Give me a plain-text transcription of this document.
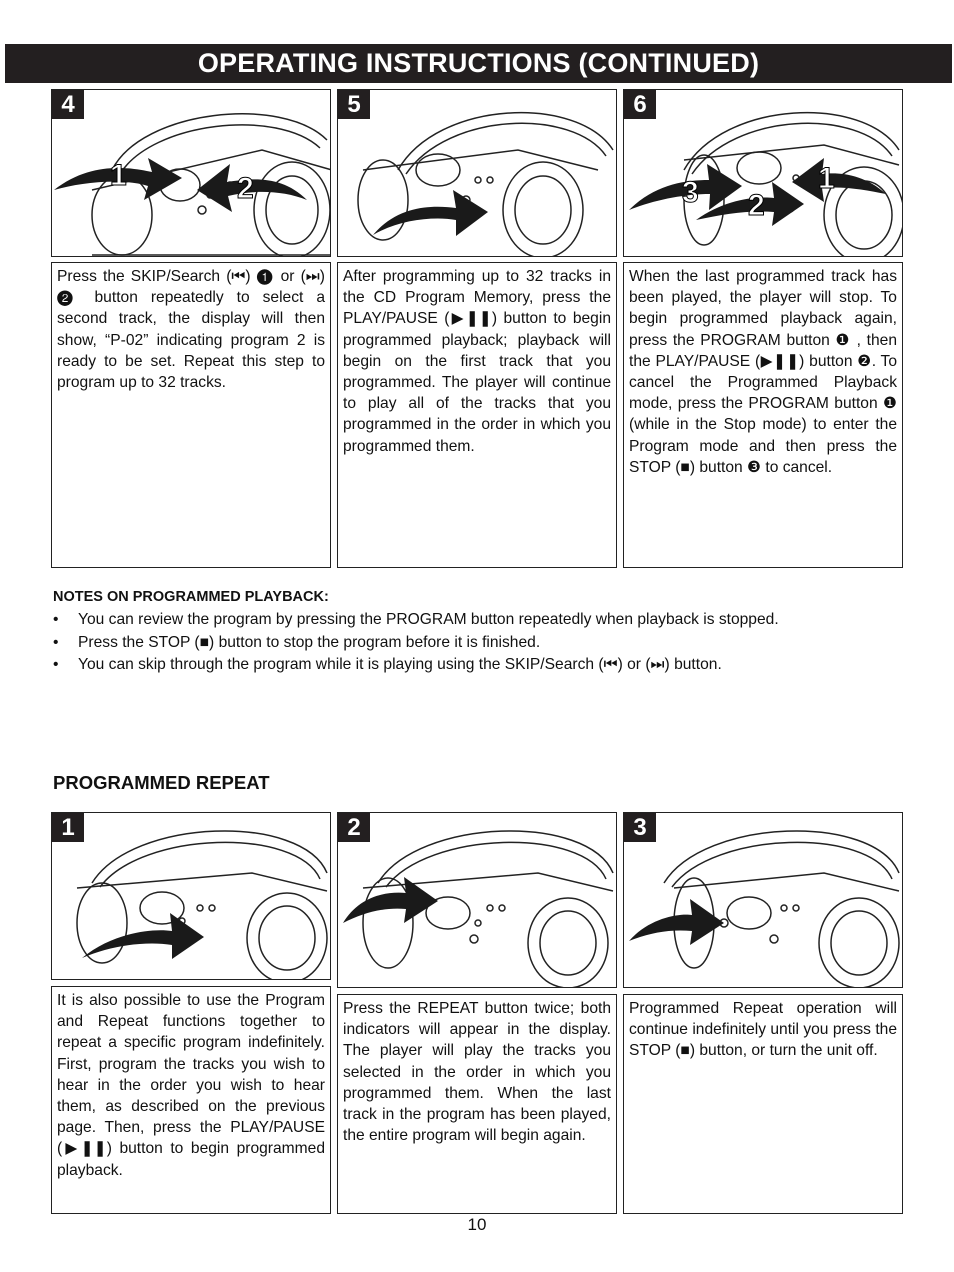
OPERATING INSTRUCTIONS (CONTINUED)
4
1	2
5	6
3 2
1
Press the SKIP/Search (⏮) ❶ or (⏭) ❷ button repeatedly to select a second track, the display will then show, “P-02” indicating program 2 is ready to be set. Repeat this step to program up to 32 tracks.
After programming up to 32 tracks in the CD Program Memory, press the PLAY/PAUSE (▶❚❚) button to begin programmed playback; playback will begin on the first track that you programmed. The player will continue to play all of the tracks that you programmed in the order in which you programmed them.
When the last programmed track has been played, the player will stop. To begin programmed playback again, press the PROGRAM button ❶ , then the PLAY/PAUSE (▶❚❚) button ❷. To cancel the Programmed Playback mode, press the PROGRAM button ❶ (while in the Stop mode) to enter the Program mode and then press the STOP (■) button ❸ to cancel.
NOTES ON PROGRAMMED PLAYBACK:
• You can review the program by pressing the PROGRAM button repeatedly when playback is stopped.
• Press the STOP (■) button to stop the program before it is finished.
• You can skip through the program while it is playing using the SKIP/Search (⏮) or (⏭) button.
PROGRAMMED REPEAT
1	2	3
It is also possible to use the Program and Repeat functions together to repeat a specific program indefinitely. First, program the tracks you wish to hear in the order you wish to hear them, as described on the previous page. Then, press the PLAY/PAUSE (▶❚❚) button to begin programmed playback.
Press the REPEAT button twice; both indicators will appear in the display. The player will play the tracks you selected in the order in which you programmed them. When the last track in the program has been played, the entire program will begin again.
Programmed Repeat operation will continue indefinitely until you press the STOP (■) button, or turn the unit off.
10
